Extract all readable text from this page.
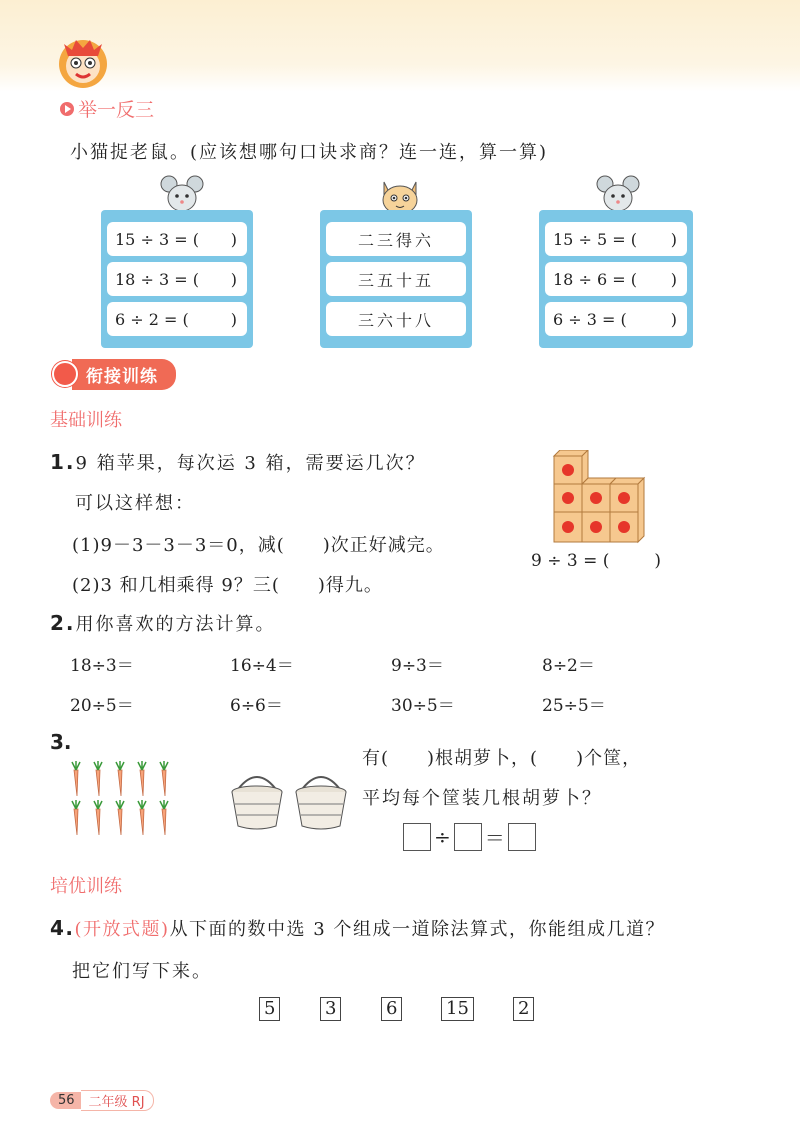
举一反三
小猫捉老鼠。(应该想哪句口诀求商？连一连，算一算)
15 ÷ 3 = ( )
18 ÷ 3 = ( )
6 ÷ 2 = (	)
二三得六
三五十五
三六十八
15 ÷ 5 = ( )
18 ÷ 6 = ( )
6 ÷ 3 = (	)
衔接训练
基础训练
1.9 箱苹果，每次运 3 箱，需要运几次？
可以这样想：
(1)9－3－3－3＝0，减(　　)次正好减完。
(2)3 和几相乘得 9？三(　　)得九。
9 ÷ 3 = (	)
2.用你喜欢的方法计算。
18÷3＝	16÷4＝	9÷3＝	8÷2＝
20÷5＝	6÷6＝	30÷5＝	25÷5＝
3.
有(　　)根胡萝卜，(　　)个筐，
平均每个筐装几根胡萝卜？
÷ ＝
培优训练
4.(开放式题)从下面的数中选 3 个组成一道除法算式，你能组成几道？
把它们写下来。
5	3	6	15	2
56	二年级 RJ
